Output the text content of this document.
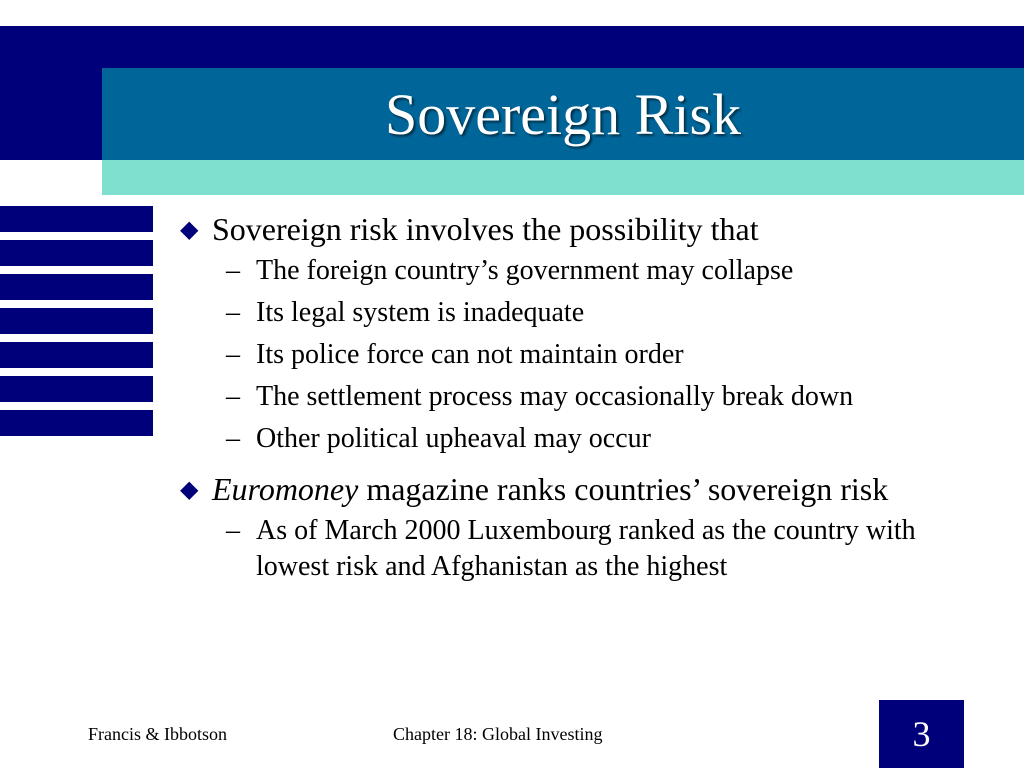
Sovereign Risk
◆ Sovereign risk involves the possibility that
– The foreign country’s government may collapse
– Its legal system is inadequate
– Its police force can not maintain order
– The settlement process may occasionally break down
– Other political upheaval may occur
◆ Euromoney magazine ranks countries’ sovereign risk
– As of March 2000 Luxembourg ranked as the country with lowest risk and Afghanistan as the highest
Francis & Ibbotson	Chapter 18: Global Investing	3
